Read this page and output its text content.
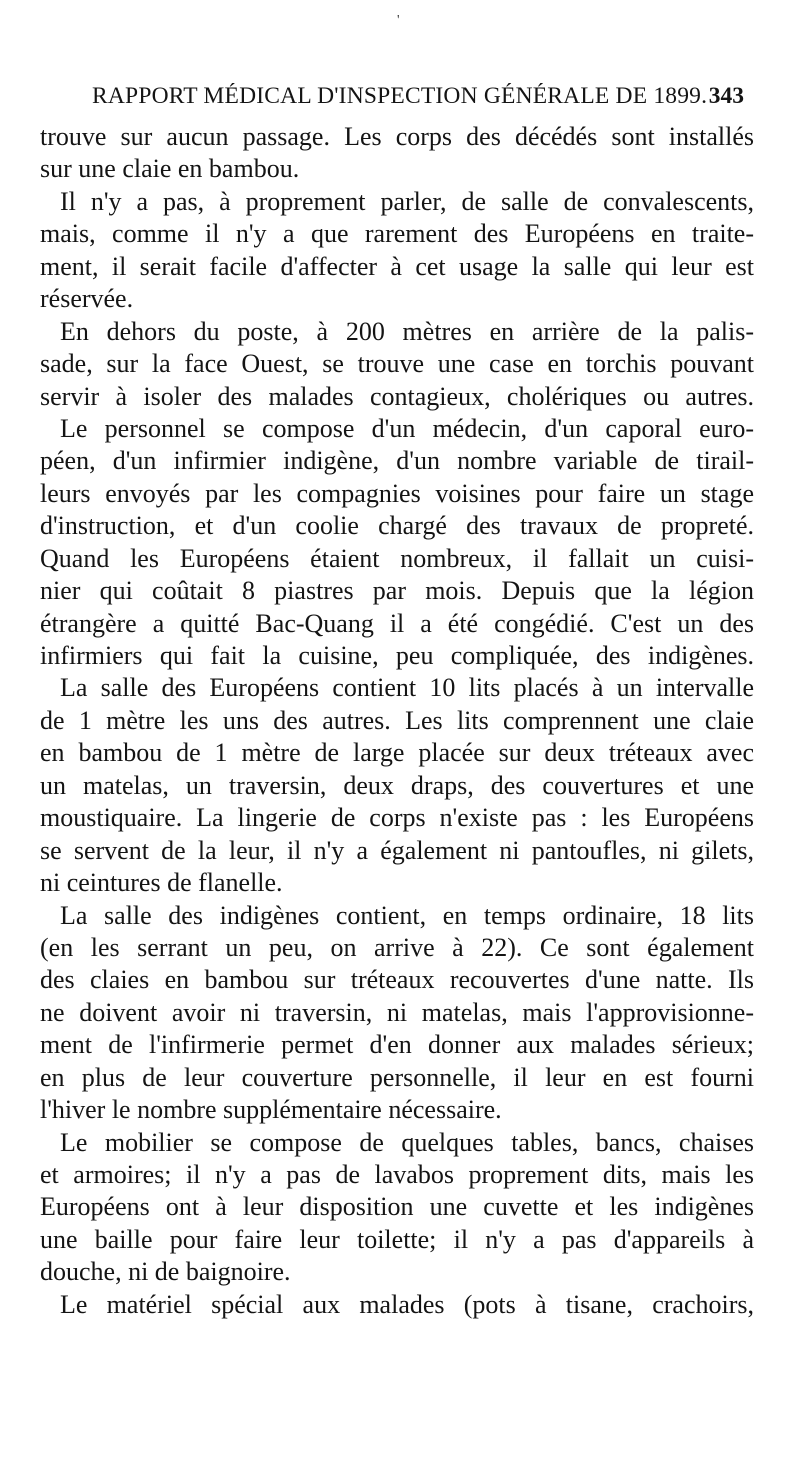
'
RAPPORT MÉDICAL D'INSPECTION GÉNÉRALE DE 1899. 343
trouve sur aucun passage. Les corps des décédés sont installés
sur une claie en bambou.
Il n'y a pas, à proprement parler, de salle de convalescents,
mais, comme il n'y a que rarement des Européens en traite-
ment, il serait facile d'affecter à cet usage la salle qui leur est
réservée.
En dehors du poste, à 200 mètres en arrière de la palis-
sade, sur la face Ouest, se trouve une case en torchis pouvant
servir à isoler des malades contagieux, cholériques ou autres.
Le personnel se compose d'un médecin, d'un caporal euro-
péen, d'un infirmier indigène, d'un nombre variable de tirail-
leurs envoyés par les compagnies voisines pour faire un stage
d'instruction, et d'un coolie chargé des travaux de propreté.
Quand les Européens étaient nombreux, il fallait un cuisi-
nier qui coûtait 8 piastres par mois. Depuis que la légion
étrangère a quitté Bac-Quang il a été congédié. C'est un des
infirmiers qui fait la cuisine, peu compliquée, des indigènes.
La salle des Européens contient 10 lits placés à un intervalle
de 1 mètre les uns des autres. Les lits comprennent une claie
en bambou de 1 mètre de large placée sur deux tréteaux avec
un matelas, un traversin, deux draps, des couvertures et une
moustiquaire. La lingerie de corps n'existe pas : les Européens
se servent de la leur, il n'y a également ni pantoufles, ni gilets,
ni ceintures de flanelle.
La salle des indigènes contient, en temps ordinaire, 18 lits
(en les serrant un peu, on arrive à 22). Ce sont également
des claies en bambou sur tréteaux recouvertes d'une natte. Ils
ne doivent avoir ni traversin, ni matelas, mais l'approvisionne-
ment de l'infirmerie permet d'en donner aux malades sérieux;
en plus de leur couverture personnelle, il leur en est fourni
l'hiver le nombre supplémentaire nécessaire.
Le mobilier se compose de quelques tables, bancs, chaises
et armoires; il n'y a pas de lavabos proprement dits, mais les
Européens ont à leur disposition une cuvette et les indigènes
une baille pour faire leur toilette; il n'y a pas d'appareils à
douche, ni de baignoire.
Le matériel spécial aux malades (pots à tisane, crachoirs,
